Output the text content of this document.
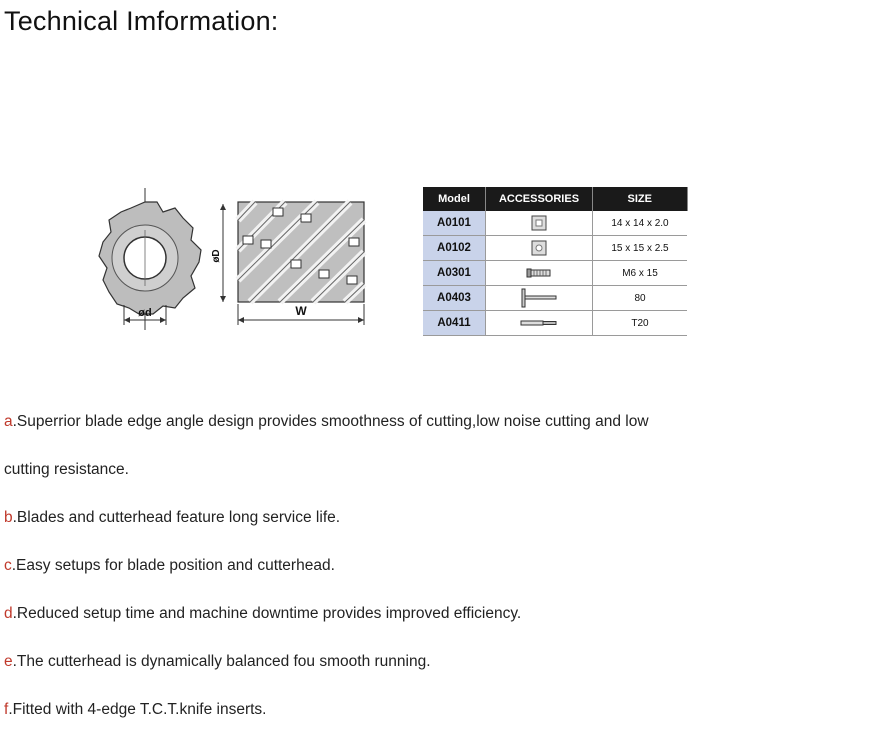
Technical Imformation:
ød
øD
W
Model	ACCESSORIES	SIZE
A0101		14 x 14 x 2.0
A0102		15 x 15 x 2.5
A0301		M6 x 15
A0403		80
A0411		T20

a.Superrior blade edge angle design provides smoothness of cutting,low noise cutting and low

cutting resistance.

b.Blades and cutterhead feature long service life.

c.Easy setups for blade position and cutterhead.

d.Reduced setup time and machine downtime provides improved efficiency.

e.The cutterhead is dynamically balanced fou smooth running.

f.Fitted with 4-edge T.C.T.knife inserts.
